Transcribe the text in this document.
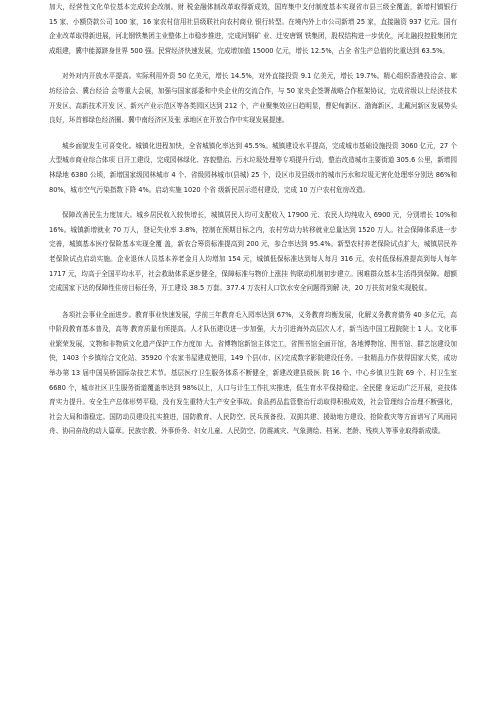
加大，经营性文化单位基本完成转企改制。财 税金融体制改革取得新成效，国库集中支付制度基本实现省市县三级全覆盖，新增村镇银行 15 家、小额贷款公司 100 家，16 家农村信用社县级联社向农村商业 银行转型。在境内外上市公司新增 25 家，直接融资 937 亿元。国有企业改革取得新进展，河北钢铁集团主业整体上市稳步推进，完成河钢矿 业、迁安唐钢 铁集团，股权结构进一步优化，河北融投控股集团完成组建，冀中能源跻身世界 500 强。民营经济快速发展，完成增加值 15000 亿元，增长 12.5%，占全 省生产总值的比重达到 63.5%。

对外对内开放水平提高。实际利用外资 50 亿美元，增长 14.5%，对外直接投资 9.1 亿美元，增长 19.7%。精心组织香港投洽会、廊坊经洽会、冀台经洽 会等重大会展，加强与国家部委和中央企业的交流合作，与 50 家央企签署战略合作框架协议，完成省级以上经济技术开发区、高新技术开发 区、新兴产业示范区等各类园区达到 212 个，产业聚集效应日趋明显，曹妃甸新区、渤海新区、北戴河新区发展势头良好，环首都绿色经济圈、冀中南经济区及张 承地区在开放合作中实现发展提速。

城乡面貌发生可喜变化。城镇化进程加快，全省城镇化率达到 45.5%。城镇建设水平提高，完成城市基础设施投资 3060 亿元，27 个大型城市商业综合体项 目开工建设，完成园林绿化、容貌整治、污水垃圾处理等专项提升行动，整治改造城市主要街道 305.6 公里，新增园林绿地 6380 公顷，新增国家级园林城市 4 个、省级园林城市(县城) 25 个，设区市及县级市的城市污水和垃圾无害化处理率分别达 86%和 80%，城市空气污染指数下降 4%。启动实施 1020 个省 级新民居示范村建设，完成 10 万户农村危房改造。

保障改善民生力度加大。城乡居民收入较快增长，城镇居民人均可支配收入 17900 元、农民人均纯收入 6900 元，分别增长 10%和 16%。城镇新增就业 70 万人，登记失业率 3.8%，控制在预期目标之内，农村劳动力转移就业总量达到 1520 万人。社会保障体系进一步完善，城镇基本医疗保险基本实现全覆 盖，新农合筹资标准提高到 200 元，参合率达到 95.4%。新型农村养老保险试点扩大，城镇居民养老保险试点启动实施。企业退休人员基本养老金月人均增加 154 元，城镇低保标准达到每人每月 316 元，农村低保标准提高到每人每年 1717 元，均高于全国平均水平，社会救助体系逐步健全，保障标准与物价上涨挂 钩联动机制初步建立。困难群众基本生活得到保障。超额完成国家下达的保障性住房目标任务，开工建设 38.5 万套。377.4 万农村人口饮水安全问题得到解 决，20 万扶贫对象实现脱贫。

各项社会事业全面进步。教育事业快速发展，学前三年教育毛入园率达到 67%，义务教育均衡发展，化解义务教育债务 40 多亿元，高中阶段教育基本普及，高等 教育质量有所提高。人才队伍建设进一步加强，大力引进海外高层次人才，新当选中国工程院院士 1 人。文化事业繁荣发展，文物和非物质文化遗产保护工作力度加 大。省博物馆新馆主体完工，省图书馆全面开馆，各地博物馆、图书馆、群艺馆建设加快，1403 个乡镇综合文化站、35920 个农家书屋建成使用，149 个县(市、区)完成数字影院建设任务。一批精品力作获得国家大奖，成功举办第 13 届中国吴桥国际杂技艺术节。基层医疗卫生服务体系不断健全，新建改建县级医 院 16 个、中心乡镇卫生院 69 个、村卫生室 6680 个，城市社区卫生服务街道覆盖率达到 98%以上，人口与计生工作扎实推进，低生育水平保持稳定。全民健 身运动广泛开展，竞技体育实力提升。安全生产总体形势平稳，没有发生重特大生产安全事故。食品药品监管整治行动取得积极成效，社会管理综合治理不断强化， 社会大局和谐稳定。国防动员建设扎实推进，国防教育、人民防空、民兵预备役、双拥共建、援助地方建设、抢险救灾等方面谱写了风雨同舟、协同奋战的动人篇章。民族宗教、外事侨务、妇女儿童、人民防空、防震减灾、气象测绘、档案、老龄、残疾人等事业取得新成绩。
